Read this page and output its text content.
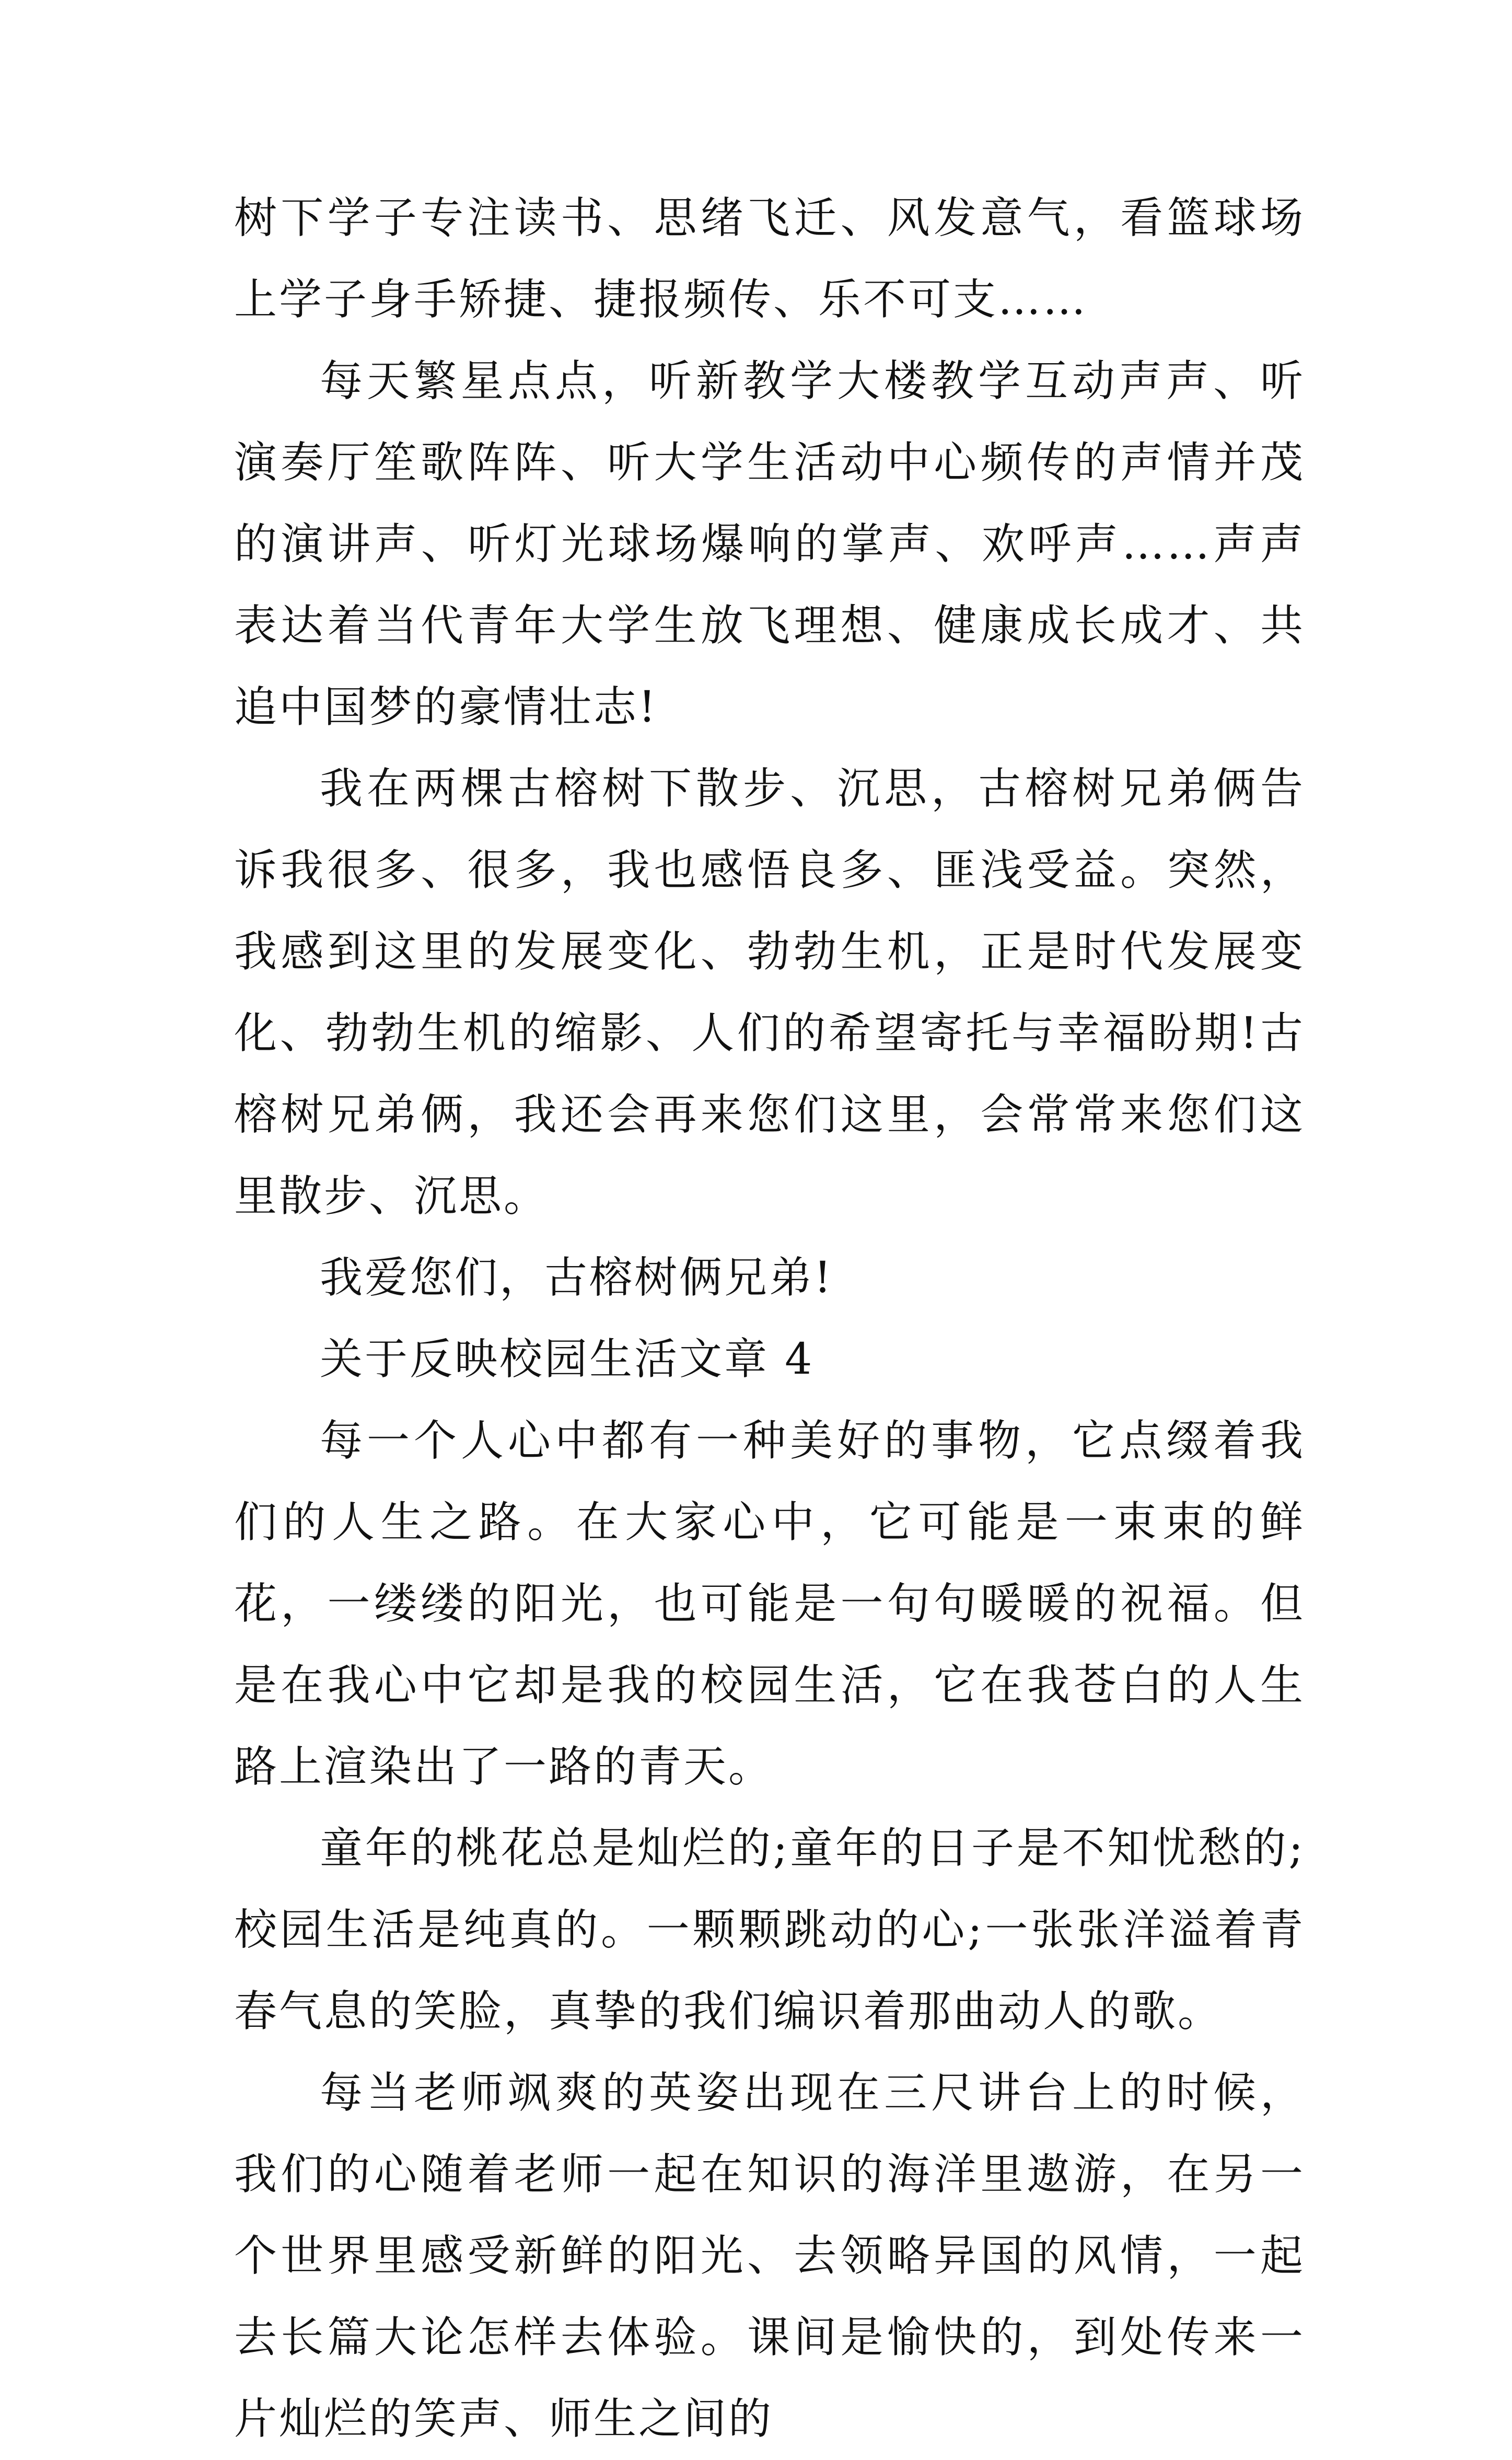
树下学子专注读书、思绪飞迁、风发意气，看篮球场上学子身手矫捷、捷报频传、乐不可支……

每天繁星点点，听新教学大楼教学互动声声、听演奏厅笙歌阵阵、听大学生活动中心频传的声情并茂的演讲声、听灯光球场爆响的掌声、欢呼声……声声表达着当代青年大学生放飞理想、健康成长成才、共追中国梦的豪情壮志!

我在两棵古榕树下散步、沉思，古榕树兄弟俩告诉我很多、很多，我也感悟良多、匪浅受益。突然，我感到这里的发展变化、勃勃生机，正是时代发展变化、勃勃生机的缩影、人们的希望寄托与幸福盼期!古榕树兄弟俩，我还会再来您们这里，会常常来您们这里散步、沉思。

我爱您们，古榕树俩兄弟!

关于反映校园生活文章 4

每一个人心中都有一种美好的事物，它点缀着我们的人生之路。在大家心中，它可能是一束束的鲜花，一缕缕的阳光，也可能是一句句暖暖的祝福。但是在我心中它却是我的校园生活，它在我苍白的人生路上渲染出了一路的青天。

童年的桃花总是灿烂的;童年的日子是不知忧愁的;校园生活是纯真的。一颗颗跳动的心;一张张洋溢着青春气息的笑脸，真挚的我们编识着那曲动人的歌。

每当老师飒爽的英姿出现在三尺讲台上的时候，我们的心随着老师一起在知识的海洋里遨游，在另一个世界里感受新鲜的阳光、去领略异国的风情，一起去长篇大论怎样去体验。课间是愉快的，到处传来一片灿烂的笑声、师生之间的
